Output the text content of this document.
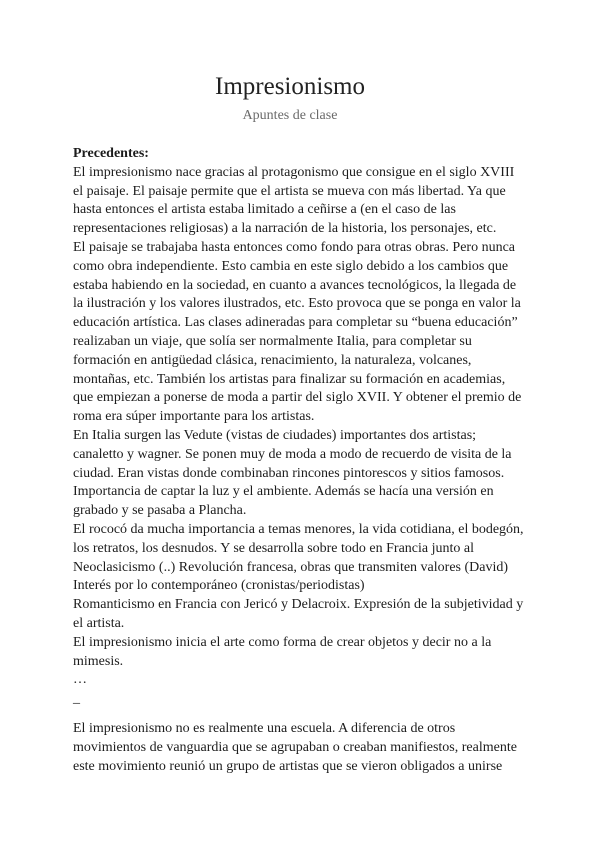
Impresionismo
Apuntes de clase
Precedentes:
El impresionismo nace gracias al protagonismo que consigue en el siglo XVIII
el paisaje. El paisaje permite que el artista se mueva con más libertad. Ya que
hasta entonces el artista estaba limitado a ceñirse a (en el caso de las
representaciones religiosas) a la narración de la historia, los personajes, etc.
El paisaje se trabajaba hasta entonces como fondo para otras obras. Pero nunca
como obra independiente. Esto cambia en este siglo debido a los cambios que
estaba habiendo en la sociedad, en cuanto a avances tecnológicos, la llegada de
la ilustración y los valores ilustrados, etc. Esto provoca que se ponga en valor la
educación artística. Las clases adineradas para completar su “buena educación”
realizaban un viaje, que solía ser normalmente Italia, para completar su
formación en antigüedad clásica, renacimiento, la naturaleza, volcanes,
montañas, etc. También los artistas para finalizar su formación en academias,
que empiezan a ponerse de moda a partir del siglo XVII. Y obtener el premio de
roma era súper importante para los artistas.
En Italia surgen las Vedute (vistas de ciudades) importantes dos artistas;
canaletto y wagner. Se ponen muy de moda a modo de recuerdo de visita de la
ciudad. Eran vistas donde combinaban rincones pintorescos y sitios famosos.
Importancia de captar la luz y el ambiente. Además se hacía una versión en
grabado y se pasaba a Plancha.
El rococó da mucha importancia a temas menores, la vida cotidiana, el bodegón,
los retratos, los desnudos. Y se desarrolla sobre todo en Francia junto al
Neoclasicismo (..) Revolución francesa, obras que transmiten valores (David)
Interés por lo contemporáneo (cronistas/periodistas)
Romanticismo en Francia con Jericó y Delacroix. Expresión de la subjetividad y
el artista.
El impresionismo inicia el arte como forma de crear objetos y decir no a la
mimesis.
…
_
El impresionismo no es realmente una escuela. A diferencia de otros
movimientos de vanguardia que se agrupaban o creaban manifiestos, realmente
este movimiento reunió un grupo de artistas que se vieron obligados a unirse
